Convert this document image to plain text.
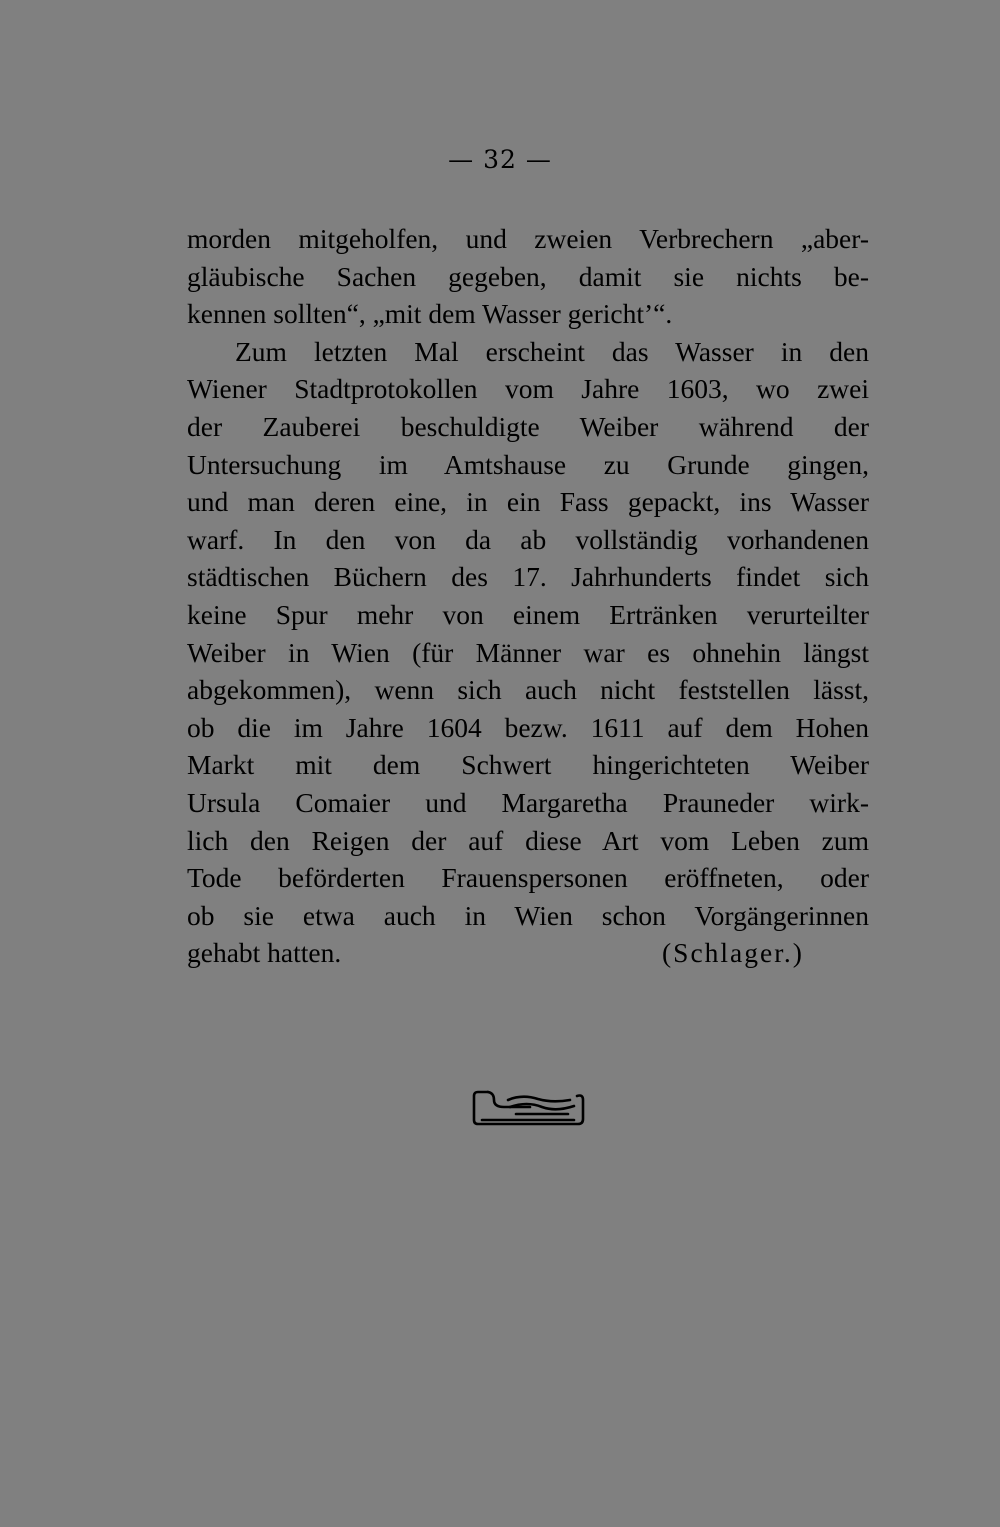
— 32 —
morden mitgeholfen, und zweien Verbrechern „aber-
gläubische Sachen gegeben, damit sie nichts be-
kennen sollten“, „mit dem Wasser gericht’“.
Zum letzten Mal erscheint das Wasser in den
Wiener Stadtprotokollen vom Jahre 1603, wo zwei
der Zauberei beschuldigte Weiber während der
Untersuchung im Amtshause zu Grunde gingen,
und man deren eine, in ein Fass gepackt, ins Wasser
warf. In den von da ab vollständig vorhandenen
städtischen Büchern des 17. Jahrhunderts findet sich
keine Spur mehr von einem Ertränken verurteilter
Weiber in Wien (für Männer war es ohnehin längst
abgekommen), wenn sich auch nicht feststellen lässt,
ob die im Jahre 1604 bezw. 1611 auf dem Hohen
Markt mit dem Schwert hingerichteten Weiber
Ursula Comaier und Margaretha Prauneder wirk-
lich den Reigen der auf diese Art vom Leben zum
Tode beförderten Frauenspersonen eröffneten, oder
ob sie etwa auch in Wien schon Vorgängerinnen
gehabt hatten.	(Schlager.)
